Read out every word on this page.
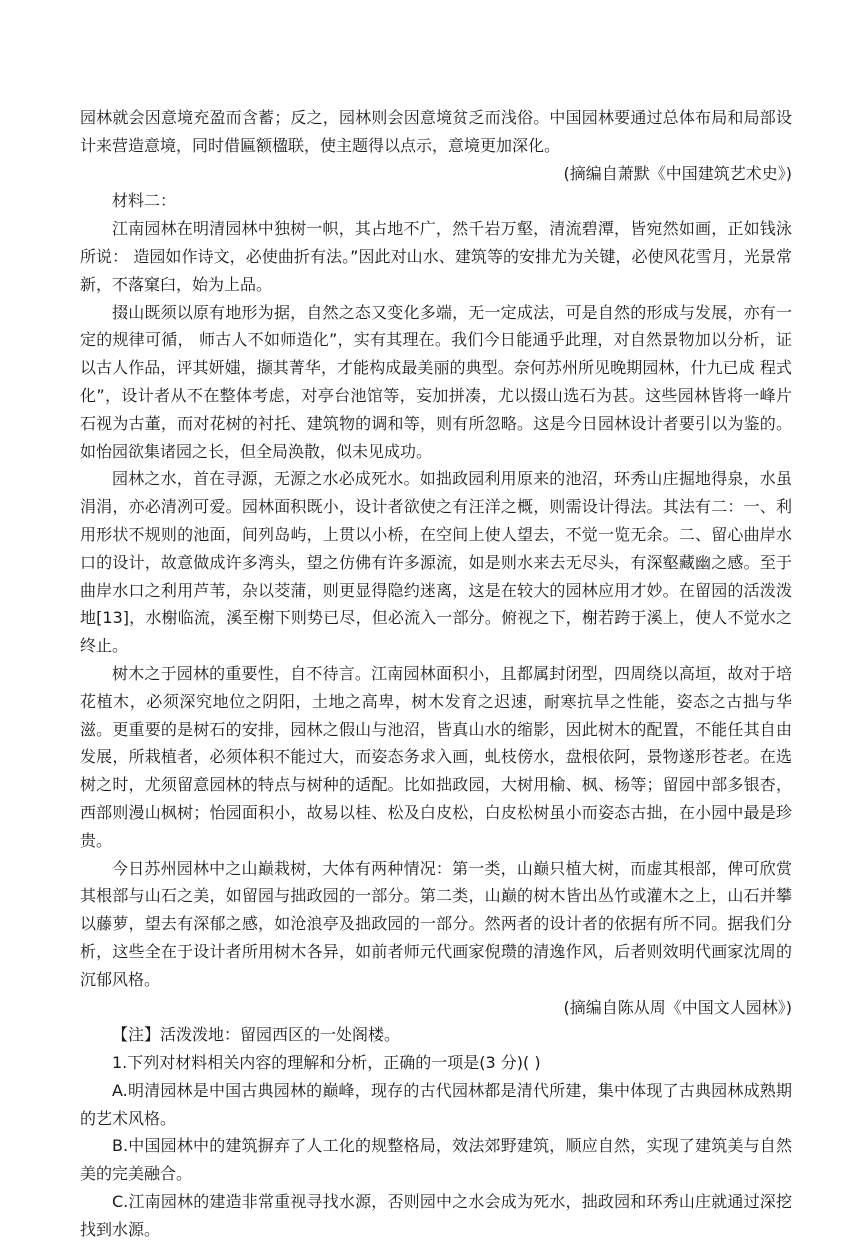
园林就会因意境充盈而含蓄；反之，园林则会因意境贫乏而浅俗。中国园林要通过总体布局和局部设计来营造意境，同时借匾额楹联，使主题得以点示，意境更加深化。

(摘编自萧默《中国建筑艺术史》)

材料二：

江南园林在明清园林中独树一帜，其占地不广，然千岩万壑，清流碧潭，皆宛然如画，正如钱泳所说： 造园如作诗文，必使曲折有法。”因此对山水、建筑等的安排尤为关键，必使风花雪月，光景常新，不落窠臼，始为上品。

掇山既须以原有地形为据，自然之态又变化多端，无一定成法，可是自然的形成与发展，亦有一定的规律可循， 师古人不如师造化”，实有其理在。我们今日能通乎此理，对自然景物加以分析，证以古人作品，评其妍媸，撷其菁华，才能构成最美丽的典型。奈何苏州所见晚期园林，什九已成 程式化”，设计者从不在整体考虑，对亭台池馆等，妄加拼凑，尤以掇山选石为甚。这些园林皆将一峰片石视为古董，而对花树的衬托、建筑物的调和等，则有所忽略。这是今日园林设计者要引以为鉴的。如怡园欲集诸园之长，但全局涣散，似未见成功。

园林之水，首在寻源，无源之水必成死水。如拙政园利用原来的池沼，环秀山庄掘地得泉，水虽涓涓，亦必清冽可爱。园林面积既小，设计者欲使之有汪洋之概，则需设计得法。其法有二：一、利用形状不规则的池面，间列岛屿，上贯以小桥，在空间上使人望去，不觉一览无余。二、留心曲岸水口的设计，故意做成许多湾头，望之仿佛有许多源流，如是则水来去无尽头，有深壑藏幽之感。至于曲岸水口之利用芦苇，杂以茭蒲，则更显得隐约迷离，这是在较大的园林应用才妙。在留园的活泼泼地[13]，水榭临流，溪至榭下则势已尽，但必流入一部分。俯视之下，榭若跨于溪上，使人不觉水之终止。

树木之于园林的重要性，自不待言。江南园林面积小，且都属封闭型，四周绕以高垣，故对于培花植木，必须深究地位之阴阳，土地之高卑，树木发育之迟速，耐寒抗旱之性能，姿态之古拙与华滋。更重要的是树石的安排，园林之假山与池沼，皆真山水的缩影，因此树木的配置，不能任其自由发展，所栽植者，必须体积不能过大，而姿态务求入画，虬枝傍水，盘根依阿，景物遂形苍老。在选树之时，尤须留意园林的特点与树种的适配。比如拙政园，大树用榆、枫、杨等；留园中部多银杏，西部则漫山枫树；怡园面积小，故易以桂、松及白皮松，白皮松树虽小而姿态古拙，在小园中最是珍贵。

今日苏州园林中之山巅栽树，大体有两种情况：第一类，山巅只植大树，而虚其根部，俾可欣赏其根部与山石之美，如留园与拙政园的一部分。第二类，山巅的树木皆出丛竹或灌木之上，山石并攀以藤萝，望去有深郁之感，如沧浪亭及拙政园的一部分。然两者的设计者的依据有所不同。据我们分析，这些全在于设计者所用树木各异，如前者师元代画家倪瓒的清逸作风，后者则效明代画家沈周的沉郁风格。

(摘编自陈从周《中国文人园林》)

【注】活泼泼地：留园西区的一处阁楼。

1.下列对材料相关内容的理解和分析，正确的一项是(3 分)( )

A.明清园林是中国古典园林的巅峰，现存的古代园林都是清代所建，集中体现了古典园林成熟期的艺术风格。

B.中国园林中的建筑摒弃了人工化的规整格局，效法郊野建筑，顺应自然，实现了建筑美与自然美的完美融合。

C.江南园林的建造非常重视寻找水源，否则园中之水会成为死水，拙政园和环秀山庄就通过深挖找到水源。
